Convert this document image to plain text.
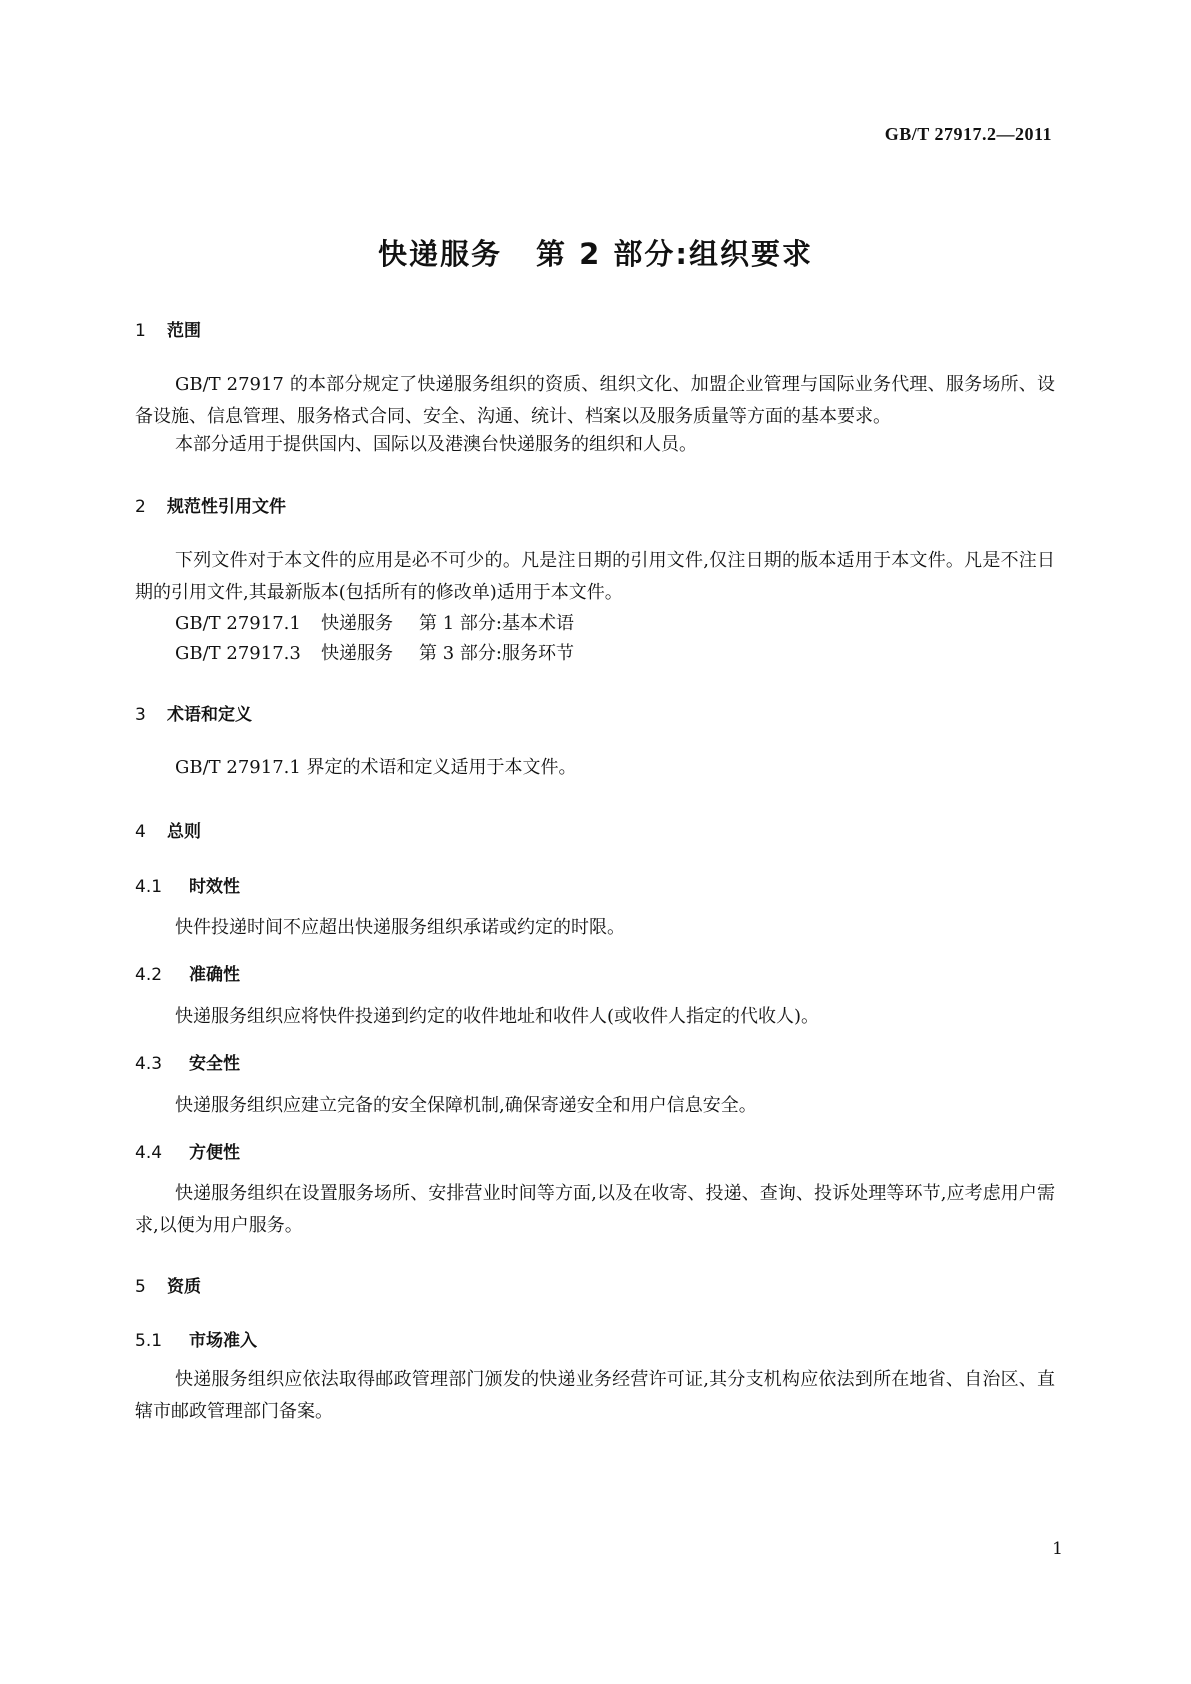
GB/T 27917.2—2011
快递服务 第 2 部分:组织要求
1 范围
GB/T 27917 的本部分规定了快递服务组织的资质、组织文化、加盟企业管理与国际业务代理、服务场所、设备设施、信息管理、服务格式合同、安全、沟通、统计、档案以及服务质量等方面的基本要求。
本部分适用于提供国内、国际以及港澳台快递服务的组织和人员。
2 规范性引用文件
下列文件对于本文件的应用是必不可少的。凡是注日期的引用文件,仅注日期的版本适用于本文件。凡是不注日期的引用文件,其最新版本(包括所有的修改单)适用于本文件。
GB/T 27917.1 快递服务 第 1 部分:基本术语
GB/T 27917.3 快递服务 第 3 部分:服务环节
3 术语和定义
GB/T 27917.1 界定的术语和定义适用于本文件。
4 总则
4.1 时效性
快件投递时间不应超出快递服务组织承诺或约定的时限。
4.2 准确性
快递服务组织应将快件投递到约定的收件地址和收件人(或收件人指定的代收人)。
4.3 安全性
快递服务组织应建立完备的安全保障机制,确保寄递安全和用户信息安全。
4.4 方便性
快递服务组织在设置服务场所、安排营业时间等方面,以及在收寄、投递、查询、投诉处理等环节,应考虑用户需求,以便为用户服务。
5 资质
5.1 市场准入
快递服务组织应依法取得邮政管理部门颁发的快递业务经营许可证,其分支机构应依法到所在地省、自治区、直辖市邮政管理部门备案。
1
